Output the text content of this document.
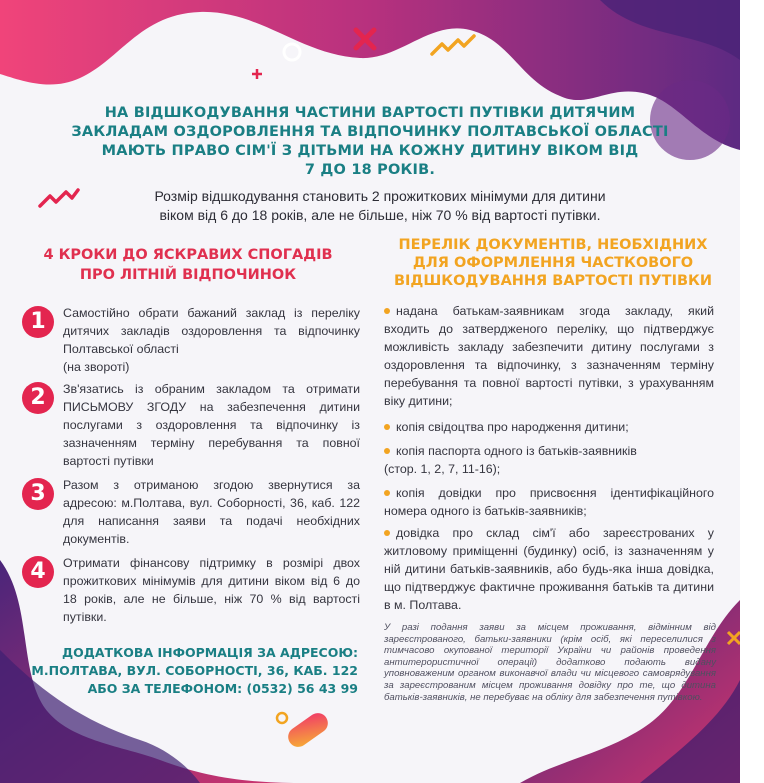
НА ВІДШКОДУВАННЯ ЧАСТИНИ ВАРТОСТІ ПУТІВКИ ДИТЯЧИМ
ЗАКЛАДАМ ОЗДОРОВЛЕННЯ ТА ВІДПОЧИНКУ ПОЛТАВСЬКОЇ ОБЛАСТІ
МАЮТЬ ПРАВО СІМ'Ї З ДІТЬМИ НА КОЖНУ ДИТИНУ ВІКОМ ВІД
7 ДО 18 РОКІВ.
Розмір відшкодування становить 2 прожиткових мінімуми для дитини
віком від 6 до 18 років, але не більше, ніж 70 % від вартості путівки.
4 КРОКИ ДО ЯСКРАВИХ СПОГАДІВ
ПРО ЛІТНІЙ ВІДПОЧИНОК
1	Самостійно обрати бажаний заклад із переліку дитячих закладів оздоровлення та відпочинку Полтавської області
(на звороті)
2	Зв'язатись із обраним закладом та отримати ПИСЬМОВУ ЗГОДУ на забезпечення дитини послугами з оздоровлення та відпочинку із зазначенням терміну перебування та повної вартості путівки
3	Разом з отриманою згодою звернутися за адресою: м.Полтава, вул. Соборності, 36, каб. 122 для написання заяви та подачі необхідних документів.
4	Отримати фінансову підтримку в розмірі двох прожиткових мінімумів для дитини віком від 6 до 18 років, але не більше, ніж 70 % від вартості путівки.
ДОДАТКОВА ІНФОРМАЦІЯ ЗА АДРЕСОЮ:
М.ПОЛТАВА, ВУЛ. СОБОРНОСТІ, 36, КАБ. 122
АБО ЗА ТЕЛЕФОНОМ: (0532) 56 43 99
ПЕРЕЛІК ДОКУМЕНТІВ, НЕОБХІДНИХ
ДЛЯ ОФОРМЛЕННЯ ЧАСТКОВОГО
ВІДШКОДУВАННЯ ВАРТОСТІ ПУТІВКИ
надана батькам-заявникам згода закладу, який входить до затвердженого переліку, що підтверджує можливість закладу забезпечити дитину послугами з оздоровлення та відпочинку, з зазначенням терміну перебування та повної вартості путівки, з урахуванням віку дитини;
копія свідоцтва про народження дитини;
копія паспорта одного із батьків-заявників
(стор. 1, 2, 7, 11-16);
копія довідки про присвоєння ідентифікаційного номера одного із батьків-заявників;
довідка про склад сім'ї або зареєстрованих у житловому приміщенні (будинку) осіб, із зазначенням у ній дитини батьків-заявників, або будь-яка інша довідка, що підтверджує фактичне проживання батьків та дитини в м. Полтава.
У разі подання заяви за місцем проживання, відмінним від зареєстрованого, батьки-заявники (крім осіб, які переселилися з тимчасово окупованої території України чи районів проведення антитерористичної операції) додатково подають видану уповноваженим органом виконавчої влади чи місцевого самоврядування за зареєстрованим місцем проживання довідку про те, що дитина батьків-заявників, не перебуває на обліку для забезпечення путівкою.
